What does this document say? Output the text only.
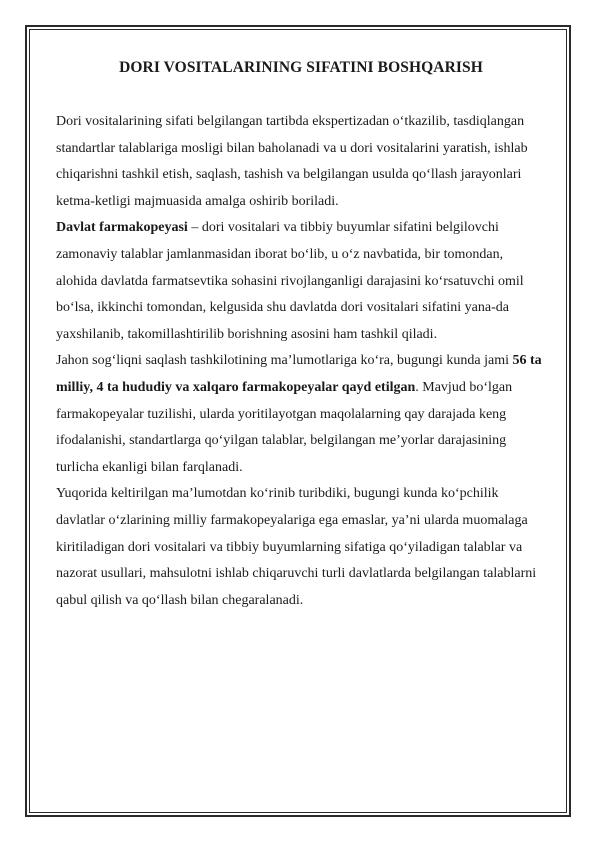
DORI VOSITALARINING SIFATINI BOSHQARISH

Dori vositalarining sifati belgilangan tartibda ekspertizadan o‘tkazilib, tasdiqlangan standartlar talablariga mosligi bilan baholanadi va u dori vositalarini yaratish, ishlab chiqarishni tashkil etish, saqlash, tashish va belgilangan usulda qo‘llash jarayonlari ketma-ketligi majmuasida amalga oshirib boriladi.

Davlat farmakopeyasi – dori vositalari va tibbiy buyumlar sifatini belgilovchi zamonaviy talablar jamlanmasidan iborat bo‘lib, u o‘z navbatida, bir tomondan, alohida davlatda farmatsevtika sohasini rivojlanganligi darajasini ko‘rsatuvchi omil bo‘lsa, ikkinchi tomondan, kelgusida shu davlatda dori vositalari sifatini yana-da yaxshilanib, takomillashtirilib borishning asosini ham tashkil qiladi.

Jahon sog‘liqni saqlash tashkilotining ma’lumotlariga ko‘ra, bugungi kunda jami 56 ta milliy, 4 ta hududiy va xalqaro farmakopeyalar qayd etilgan. Mavjud bo‘lgan farmakopeyalar tuzilishi, ularda yoritilayotgan maqolalarning qay darajada keng ifodalanishi, standartlarga qo‘yilgan talablar, belgilangan me’yorlar darajasining turlicha ekanligi bilan farqlanadi.

Yuqorida keltirilgan ma’lumotdan ko‘rinib turibdiki, bugungi kunda ko‘pchilik davlatlar o‘zlarining milliy farmakopeyalariga ega emaslar, ya’ni ularda muomalaga kiritiladigan dori vositalari va tibbiy buyumlarning sifatiga qo‘yiladigan talablar va nazorat usullari, mahsulotni ishlab chiqaruvchi turli davlatlarda belgilangan talablarni qabul qilish va qo‘llash bilan chegaralanadi.
